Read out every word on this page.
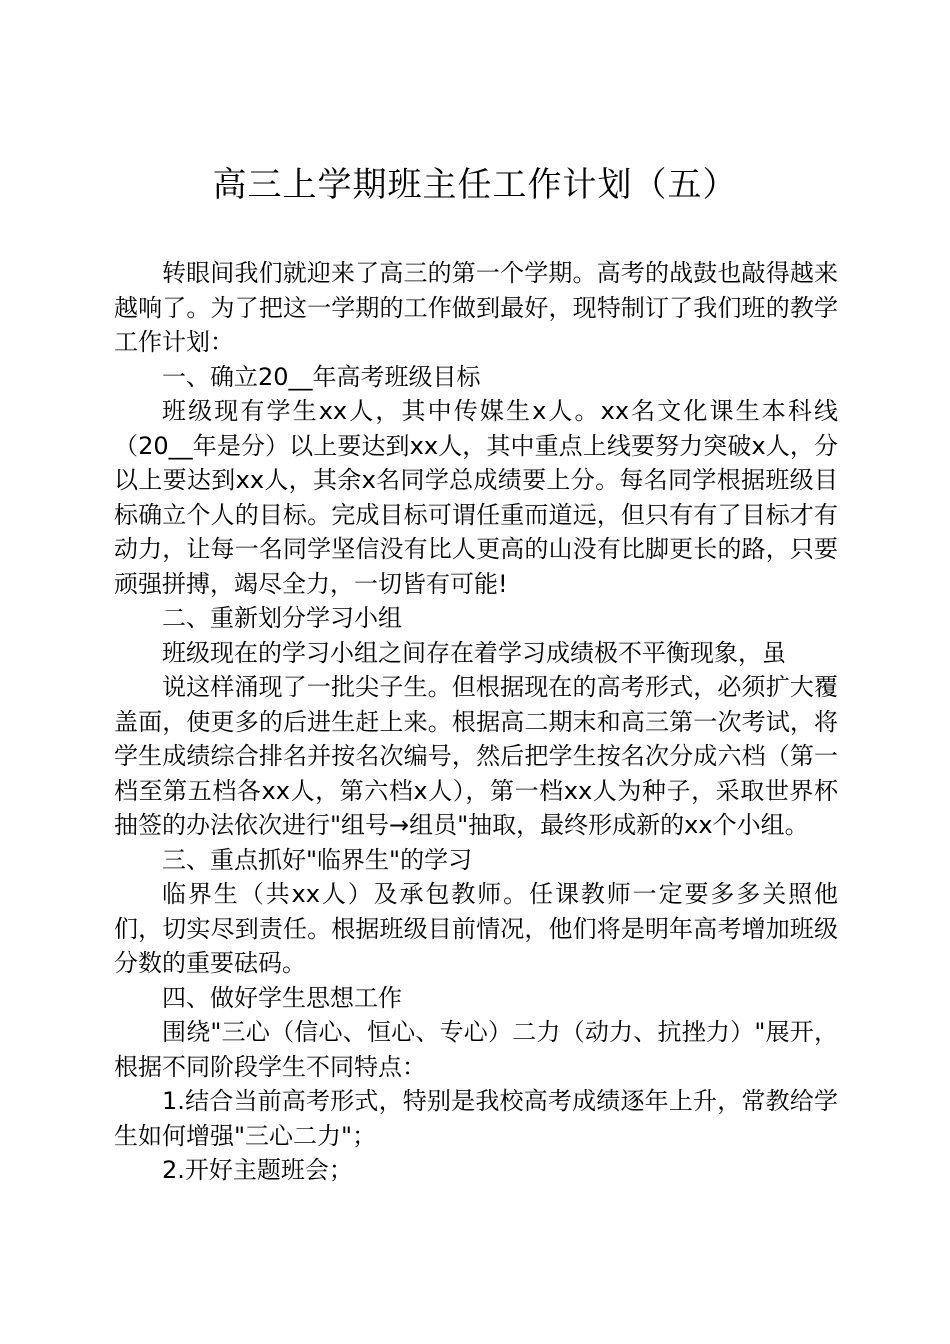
高三上学期班主任工作计划（五）

转眼间我们就迎来了高三的第一个学期。高考的战鼓也敲得越来越响了。为了把这一学期的工作做到最好，现特制订了我们班的教学工作计划：

一、确立20__年高考班级目标

班级现有学生xx人，其中传媒生x人。xx名文化课生本科线（20__年是分）以上要达到xx人，其中重点上线要努力突破x人，分以上要达到xx人，其余x名同学总成绩要上分。每名同学根据班级目标确立个人的目标。完成目标可谓任重而道远，但只有有了目标才有动力，让每一名同学坚信没有比人更高的山没有比脚更长的路，只要顽强拼搏，竭尽全力，一切皆有可能!

二、重新划分学习小组

班级现在的学习小组之间存在着学习成绩极不平衡现象，虽

说这样涌现了一批尖子生。但根据现在的高考形式，必须扩大覆盖面，使更多的后进生赶上来。根据高二期末和高三第一次考试，将学生成绩综合排名并按名次编号，然后把学生按名次分成六档（第一档至第五档各xx人，第六档x人），第一档xx人为种子，采取世界杯抽签的办法依次进行"组号→组员"抽取，最终形成新的xx个小组。

三、重点抓好"临界生"的学习

临界生（共xx人）及承包教师。任课教师一定要多多关照他们，切实尽到责任。根据班级目前情况，他们将是明年高考增加班级分数的重要砝码。

四、做好学生思想工作

围绕"三心（信心、恒心、专心）二力（动力、抗挫力）"展开，根据不同阶段学生不同特点：

1.结合当前高考形式，特别是我校高考成绩逐年上升，常教给学生如何增强"三心二力"；

2.开好主题班会；
